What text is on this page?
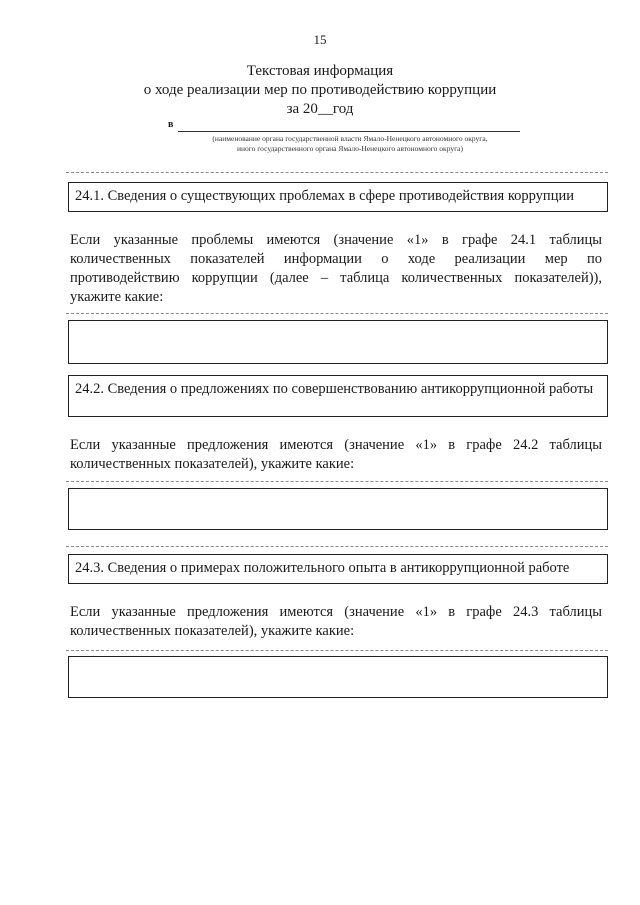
15
Текстовая информация
о ходе реализации мер по противодействию коррупции
за 20__год
в
(наименование органа государственной власти Ямало-Ненецкого автономного округа,
иного государственного органа Ямало-Ненецкого автономного округа)
24.1. Сведения о существующих проблемах в сфере противодействия коррупции
Если указанные проблемы имеются (значение «1» в графе 24.1 таблицы количественных показателей информации о ходе реализации мер по противодействию коррупции (далее – таблица количественных показателей)), укажите какие:
24.2. Сведения о предложениях по совершенствованию антикоррупционной работы
Если указанные предложения имеются (значение «1» в графе 24.2 таблицы количественных показателей), укажите какие:
24.3. Сведения о примерах положительного опыта в антикоррупционной работе
Если указанные предложения имеются (значение «1» в графе 24.3 таблицы количественных показателей), укажите какие:
